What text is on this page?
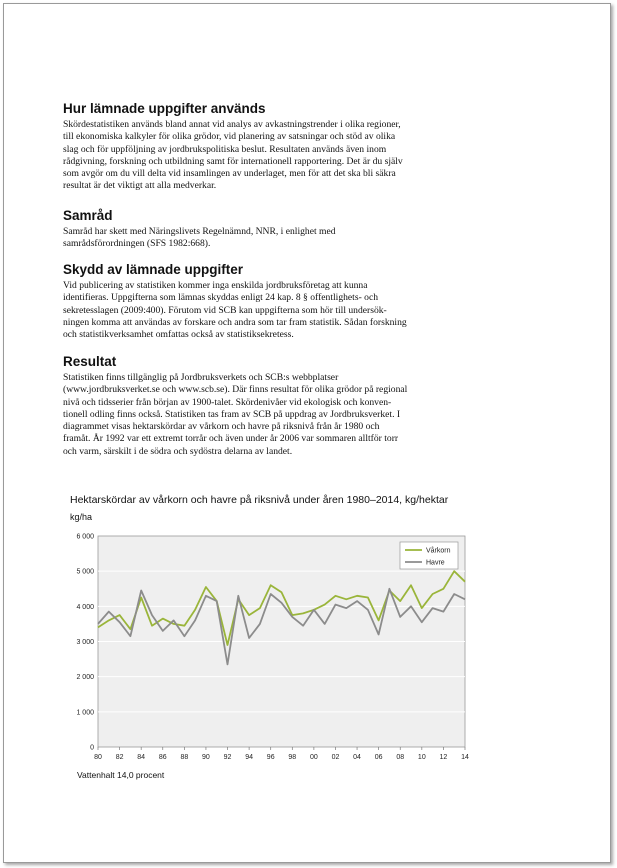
Hur lämnade uppgifter används

Skördestatistiken används bland annat vid analys av avkastningstrender i olika regioner,
till ekonomiska kalkyler för olika grödor, vid planering av satsningar och stöd av olika
slag och för uppföljning av jordbrukspolitiska beslut. Resultaten används även inom
rådgivning, forskning och utbildning samt för internationell rapportering. Det är du själv
som avgör om du vill delta vid insamlingen av underlaget, men för att det ska bli säkra
resultat är det viktigt att alla medverkar.

Samråd

Samråd har skett med Näringslivets Regelnämnd, NNR, i enlighet med
samrådsförordningen (SFS 1982:668).

Skydd av lämnade uppgifter

Vid publicering av statistiken kommer inga enskilda jordbruksföretag att kunna
identifieras. Uppgifterna som lämnas skyddas enligt 24 kap. 8 § offentlighets- och
sekretesslagen (2009:400). Förutom vid SCB kan uppgifterna som hör till undersök-
ningen komma att användas av forskare och andra som tar fram statistik. Sådan forskning
och statistikverksamhet omfattas också av statistiksekretess.

Resultat

Statistiken finns tillgänglig på Jordbruksverkets och SCB:s webbplatser
(www.jordbruksverket.se och www.scb.se). Där finns resultat för olika grödor på regional
nivå och tidsserier från början av 1900-talet. Skördenivåer vid ekologisk och konven-
tionell odling finns också. Statistiken tas fram av SCB på uppdrag av Jordbruksverket. I
diagrammet visas hektarskördar av vårkorn och havre på riksnivå från år 1980 och
framåt. År 1992 var ett extremt torrår och även under år 2006 var sommaren alltför torr
och varm, särskilt i de södra och sydöstra delarna av landet.

Hektarskördar av vårkorn och havre på riksnivå under åren 1980–2014, kg/hektar
kg/ha
0
1 000
2 000
3 000
4 000
5 000
6 000
80 82 84 86 88 90 92 94 96 98 00 02 04 06 08 10 12 14
Vårkorn
Havre
Vattenhalt 14,0 procent
